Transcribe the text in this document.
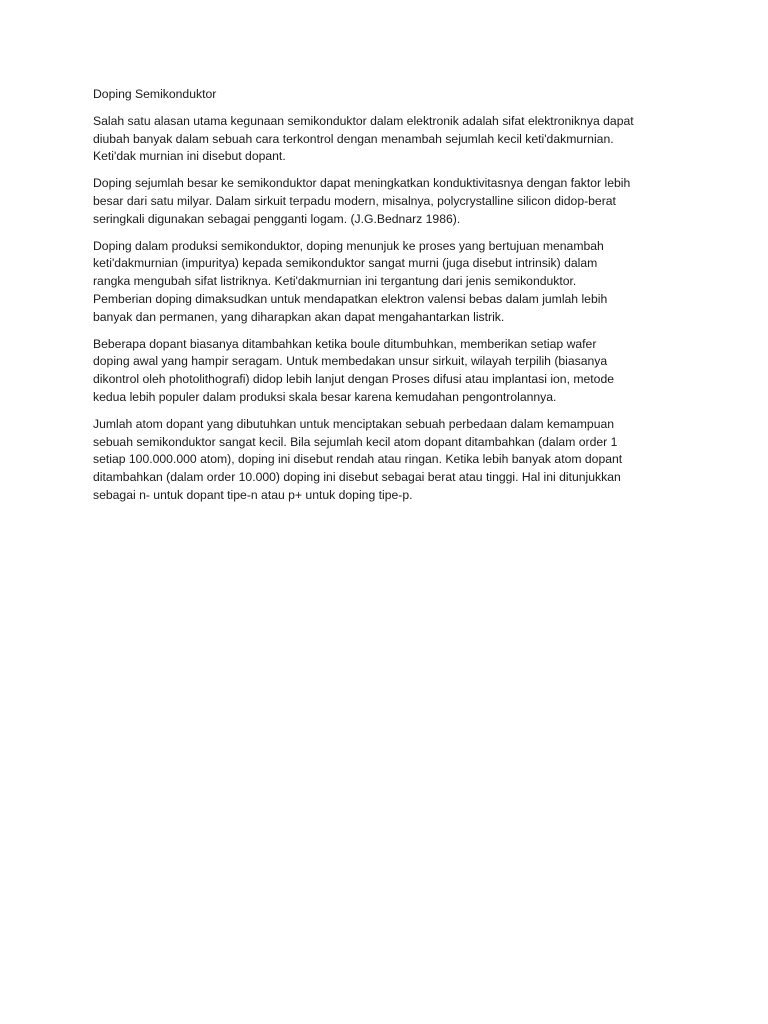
Doping Semikonduktor
Salah satu alasan utama kegunaan semikonduktor dalam elektronik adalah sifat elektroniknya dapat
diubah banyak dalam sebuah cara terkontrol dengan menambah sejumlah kecil keti'dakmurnian.
Keti'dak murnian ini disebut dopant.
Doping sejumlah besar ke semikonduktor dapat meningkatkan konduktivitasnya dengan faktor lebih
besar dari satu milyar. Dalam sirkuit terpadu modern, misalnya, polycrystalline silicon didop-berat
seringkali digunakan sebagai pengganti logam. (J.G.Bednarz 1986).
Doping dalam produksi semikonduktor, doping menunjuk ke proses yang bertujuan menambah
keti'dakmurnian (impuritya) kepada semikonduktor sangat murni (juga disebut intrinsik) dalam
rangka mengubah sifat listriknya. Keti'dakmurnian ini tergantung dari jenis semikonduktor.
Pemberian doping dimaksudkan untuk mendapatkan elektron valensi bebas dalam jumlah lebih
banyak dan permanen, yang diharapkan akan dapat mengahantarkan listrik.
Beberapa dopant biasanya ditambahkan ketika boule ditumbuhkan, memberikan setiap wafer
doping awal yang hampir seragam. Untuk membedakan unsur sirkuit, wilayah terpilih (biasanya
dikontrol oleh photolithografi) didop lebih lanjut dengan Proses difusi atau implantasi ion, metode
kedua lebih populer dalam produksi skala besar karena kemudahan pengontrolannya.
Jumlah atom dopant yang dibutuhkan untuk menciptakan sebuah perbedaan dalam kemampuan
sebuah semikonduktor sangat kecil. Bila sejumlah kecil atom dopant ditambahkan (dalam order 1
setiap 100.000.000 atom), doping ini disebut rendah atau ringan. Ketika lebih banyak atom dopant
ditambahkan (dalam order 10.000) doping ini disebut sebagai berat atau tinggi. Hal ini ditunjukkan
sebagai n- untuk dopant tipe-n atau p+ untuk doping tipe-p.
